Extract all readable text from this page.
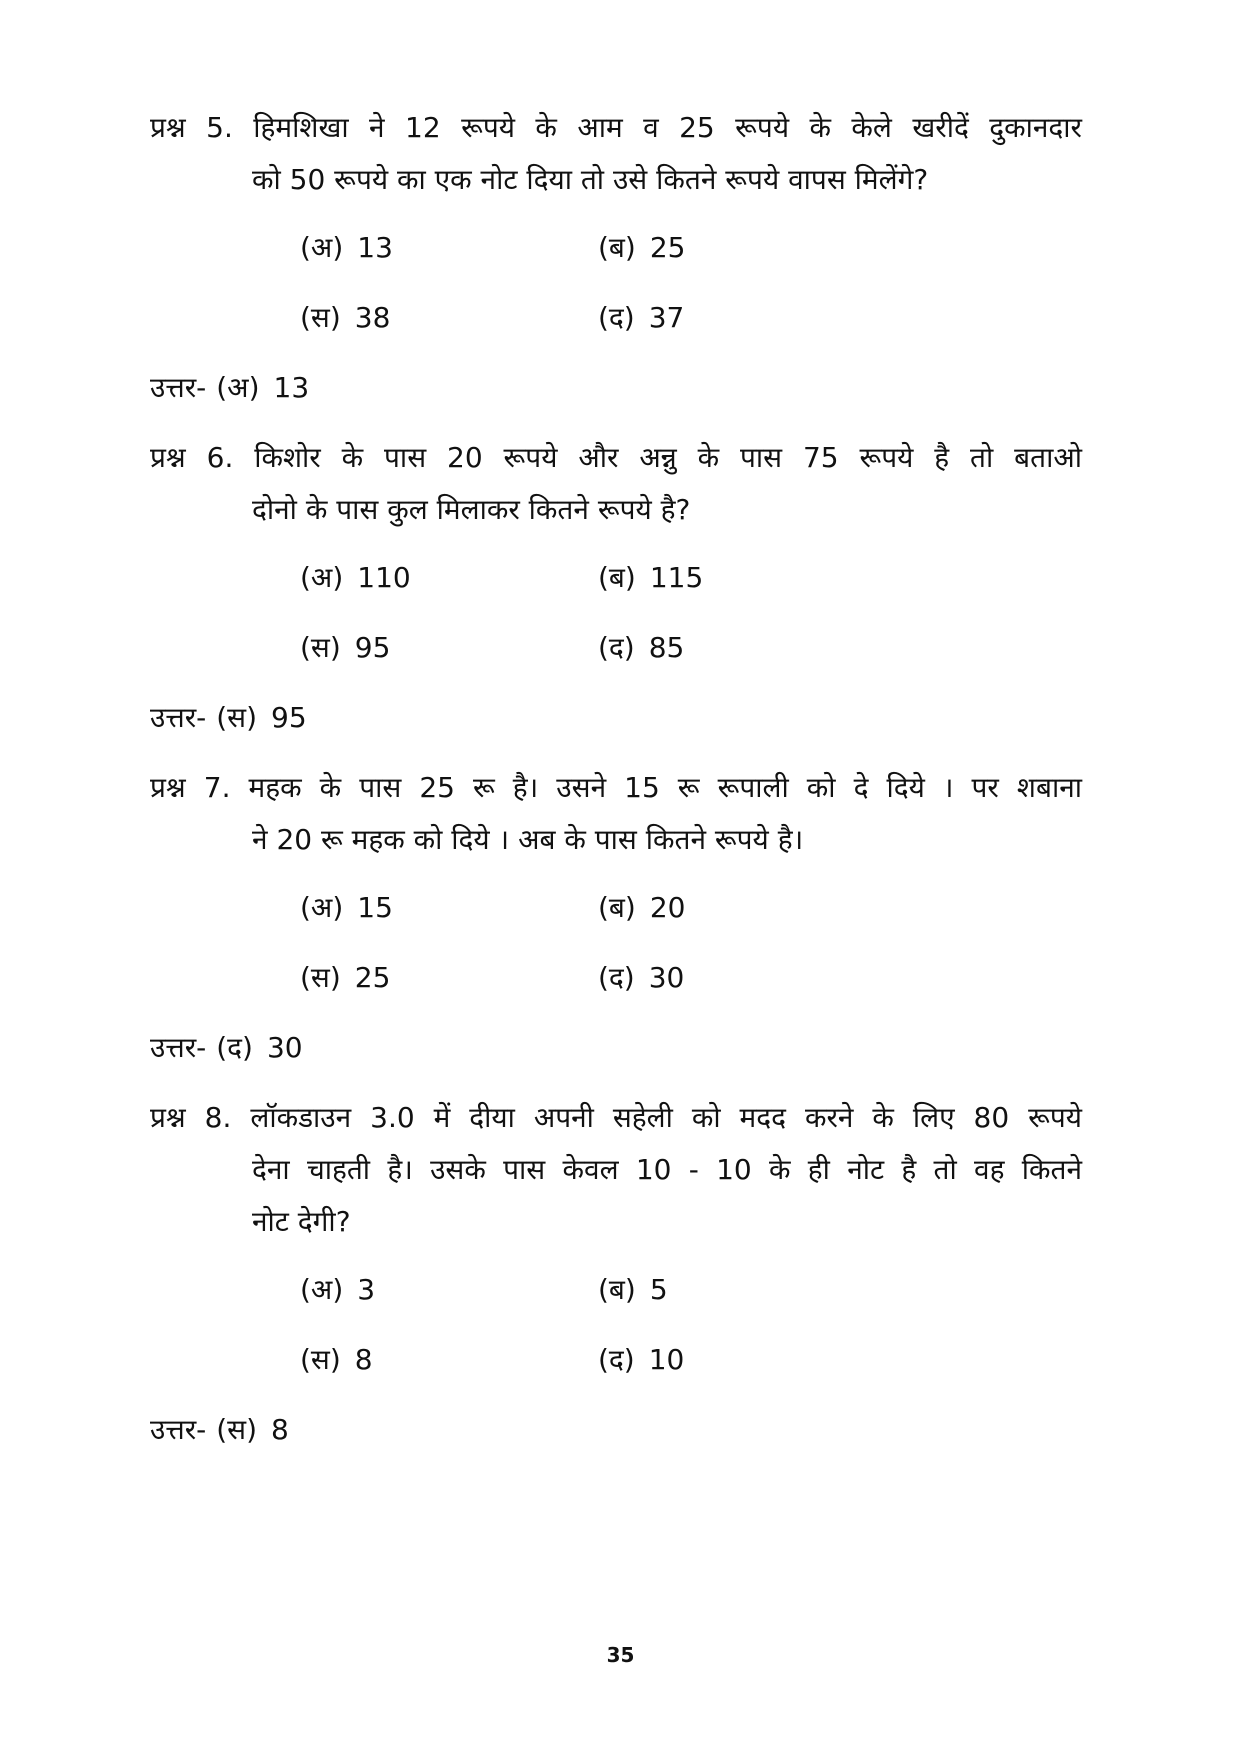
प्रश्न 5. हिमशिखा ने 12 रूपये के आम व 25 रूपये के केले खरीदें दुकानदार
को 50 रूपये का एक नोट दिया तो उसे कितने रूपये वापस मिलेंगे?
(अ) 13	(ब) 25
(स) 38	(द) 37
उत्तर- (अ) 13
प्रश्न 6. किशोर के पास 20 रूपये और अन्नु के पास 75 रूपये है तो बताओ
दोनो के पास कुल मिलाकर कितने रूपये है?
(अ) 110	(ब) 115
(स) 95	(द) 85
उत्तर- (स) 95
प्रश्न 7. महक के पास 25 रू है। उसने 15 रू रूपाली को दे दिये । पर शबाना
ने 20 रू महक को दिये । अब के पास कितने रूपये है।
(अ) 15	(ब) 20
(स) 25	(द) 30
उत्तर- (द) 30
प्रश्न 8. लॉकडाउन 3.0 में दीया अपनी सहेली को मदद करने के लिए 80 रूपये
देना चाहती है। उसके पास केवल 10 - 10 के ही नोट है तो वह कितने
नोट देगी?
(अ) 3	(ब) 5
(स) 8	(द) 10
उत्तर- (स) 8
35
